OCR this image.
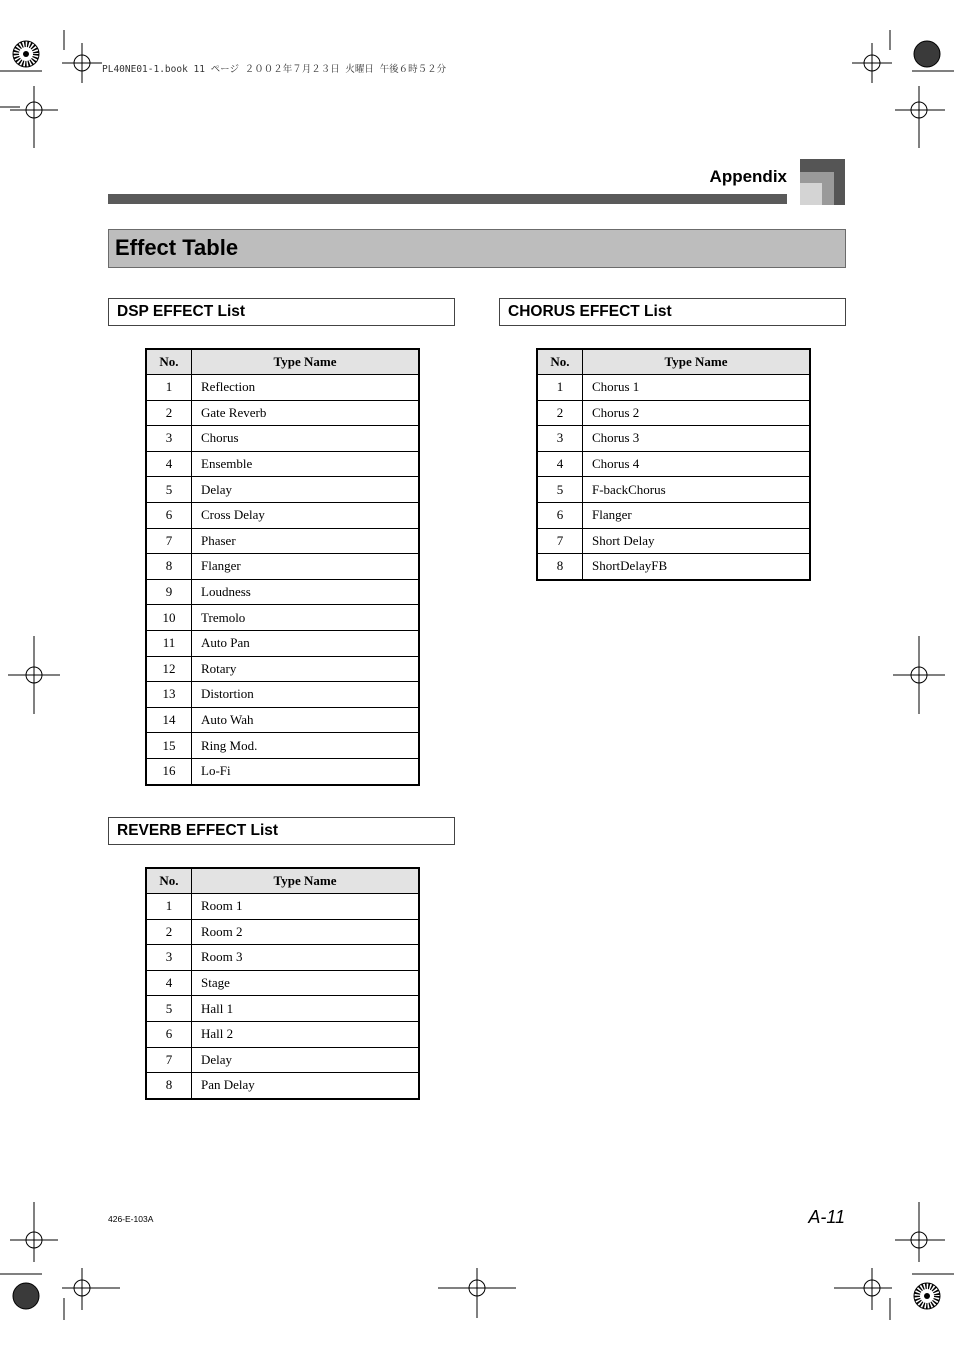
PL40NE01-1.book 11 ページ ２００２年７月２３日 火曜日 午後６時５２分
Appendix
Effect Table
DSP EFFECT List
No.	Type Name
1	Reflection
2	Gate Reverb
3	Chorus
4	Ensemble
5	Delay
6	Cross Delay
7	Phaser
8	Flanger
9	Loudness
10	Tremolo
11	Auto Pan
12	Rotary
13	Distortion
14	Auto Wah
15	Ring Mod.
16	Lo-Fi
CHORUS EFFECT List
No.	Type Name
1	Chorus 1
2	Chorus 2
3	Chorus 3
4	Chorus 4
5	F-backChorus
6	Flanger
7	Short Delay
8	ShortDelayFB
REVERB EFFECT List
No.	Type Name
1	Room 1
2	Room 2
3	Room 3
4	Stage
5	Hall 1
6	Hall 2
7	Delay
8	Pan Delay
426-E-103A	A-11
